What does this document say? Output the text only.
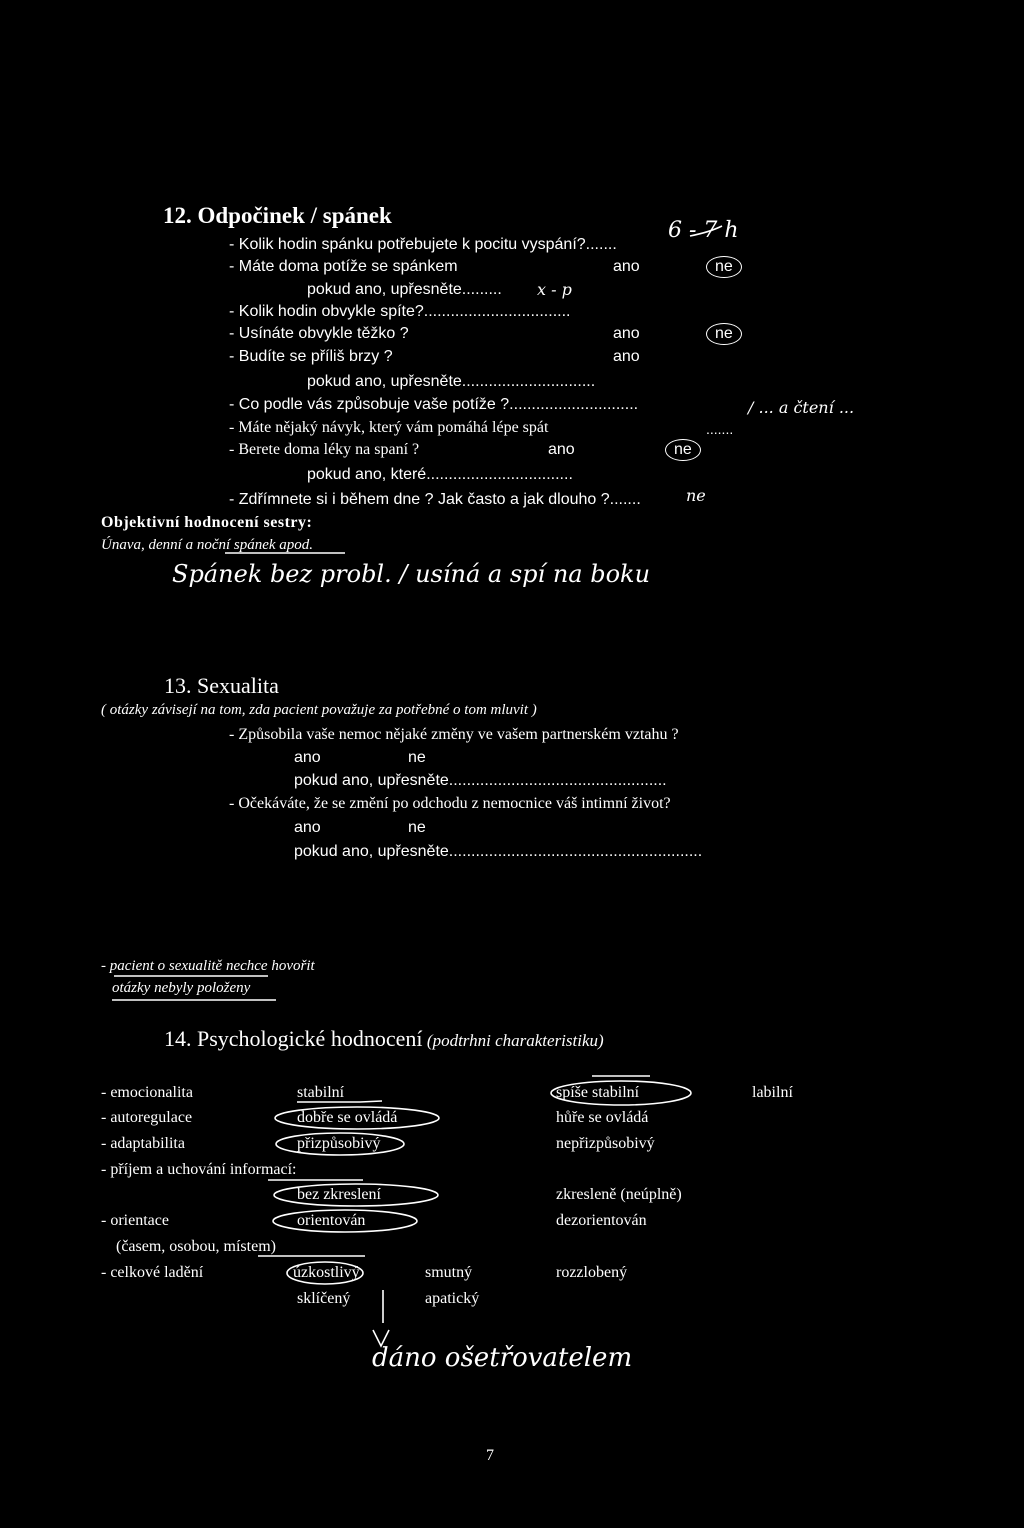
12. Odpočinek / spánek
6 - 7 h
- Kolik hodin spánku potřebujete k pocitu vyspání?.......
- Máte doma potíže se spánkem	ano	ne
pokud ano, upřesněte......... x - p
- Kolik hodin obvykle spíte?.................................
- Usínáte obvykle těžko ?	ano	ne
- Budíte se příliš brzy ?	ano
pokud ano, upřesněte..............................
- Co podle vás způsobuje vaše potíže ?.............................	/ ... a čtení ...
- Máte nějaký návyk, který vám pomáhá lépe spát	.......
- Berete doma léky na spaní ?	ano	ne
pokud ano, které.................................
- Zdřímnete si i během dne ? Jak často a jak dlouho ?.......	ne
Objektivní hodnocení sestry:
Únava, denní a noční spánek apod.
Spánek bez probl. / usíná a spí na boku
13. Sexualita
( otázky závisejí na tom, zda pacient považuje za potřebné o tom mluvit )
- Způsobila vaše nemoc nějaké změny ve vašem partnerském vztahu ?
ano	ne
pokud ano, upřesněte.................................................
- Očekáváte, že se změní po odchodu z nemocnice váš intimní život?
ano	ne
pokud ano, upřesněte.........................................................
- pacient o sexualitě nechce hovořit
otázky nebyly položeny
14. Psychologické hodnocení (podtrhni charakteristiku)
- emocionalita	stabilní	spíše stabilní	labilní
- autoregulace	dobře se ovládá	hůře se ovládá
- adaptabilita	přizpůsobivý	nepřizpůsobivý
- příjem a uchování informací:
bez zkreslení	zkresleně (neúplně)
- orientace	orientován	dezorientován
(časem, osobou, místem)
- celkové ladění	úzkostlivý	smutný	rozzlobený
sklíčený	apatický
dáno ošetřovatelem
7
